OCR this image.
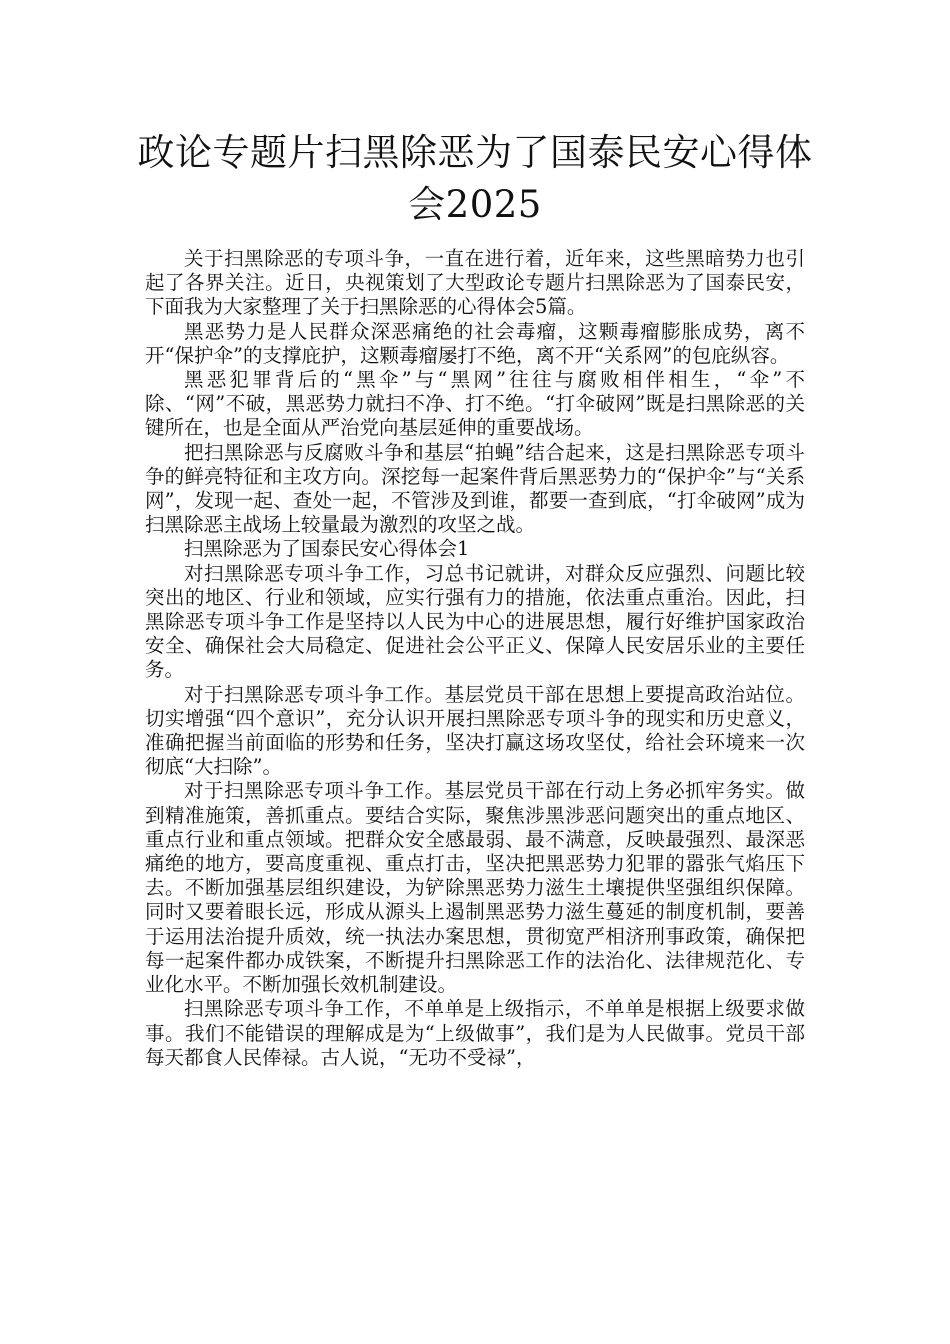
政论专题片扫黑除恶为了国泰民安心得体会2025

关于扫黑除恶的专项斗争，一直在进行着，近年来，这些黑暗势力也引起了各界关注。近日，央视策划了大型政论专题片扫黑除恶为了国泰民安，下面我为大家整理了关于扫黑除恶的心得体会5篇。

黑恶势力是人民群众深恶痛绝的社会毒瘤，这颗毒瘤膨胀成势，离不开“保护伞”的支撑庇护，这颗毒瘤屡打不绝，离不开“关系网”的包庇纵容。

黑恶犯罪背后的“黑伞”与“黑网”往往与腐败相伴相生，“伞”不除、“网”不破，黑恶势力就扫不净、打不绝。“打伞破网”既是扫黑除恶的关键所在，也是全面从严治党向基层延伸的重要战场。

把扫黑除恶与反腐败斗争和基层“拍蝇”结合起来，这是扫黑除恶专项斗争的鲜亮特征和主攻方向。深挖每一起案件背后黑恶势力的“保护伞”与“关系网”，发现一起、查处一起，不管涉及到谁，都要一查到底，“打伞破网”成为扫黑除恶主战场上较量最为激烈的攻坚之战。

扫黑除恶为了国泰民安心得体会1

对扫黑除恶专项斗争工作，习总书记就讲，对群众反应强烈、问题比较突出的地区、行业和领域，应实行强有力的措施，依法重点重治。因此，扫黑除恶专项斗争工作是坚持以人民为中心的进展思想，履行好维护国家政治安全、确保社会大局稳定、促进社会公平正义、保障人民安居乐业的主要任务。

对于扫黑除恶专项斗争工作。基层党员干部在思想上要提高政治站位。切实增强“四个意识”，充分认识开展扫黑除恶专项斗争的现实和历史意义，准确把握当前面临的形势和任务，坚决打赢这场攻坚仗，给社会环境来一次彻底“大扫除”。

对于扫黑除恶专项斗争工作。基层党员干部在行动上务必抓牢务实。做到精准施策，善抓重点。要结合实际，聚焦涉黑涉恶问题突出的重点地区、重点行业和重点领域。把群众安全感最弱、最不满意，反映最强烈、最深恶痛绝的地方，要高度重视、重点打击，坚决把黑恶势力犯罪的嚣张气焰压下去。不断加强基层组织建设，为铲除黑恶势力滋生土壤提供坚强组织保障。同时又要着眼长远，形成从源头上遏制黑恶势力滋生蔓延的制度机制，要善于运用法治提升质效，统一执法办案思想，贯彻宽严相济刑事政策，确保把每一起案件都办成铁案，不断提升扫黑除恶工作的法治化、法律规范化、专业化水平。不断加强长效机制建设。

扫黑除恶专项斗争工作，不单单是上级指示，不单单是根据上级要求做事。我们不能错误的理解成是为“上级做事”，我们是为人民做事。党员干部每天都食人民俸禄。古人说，“无功不受禄”，
